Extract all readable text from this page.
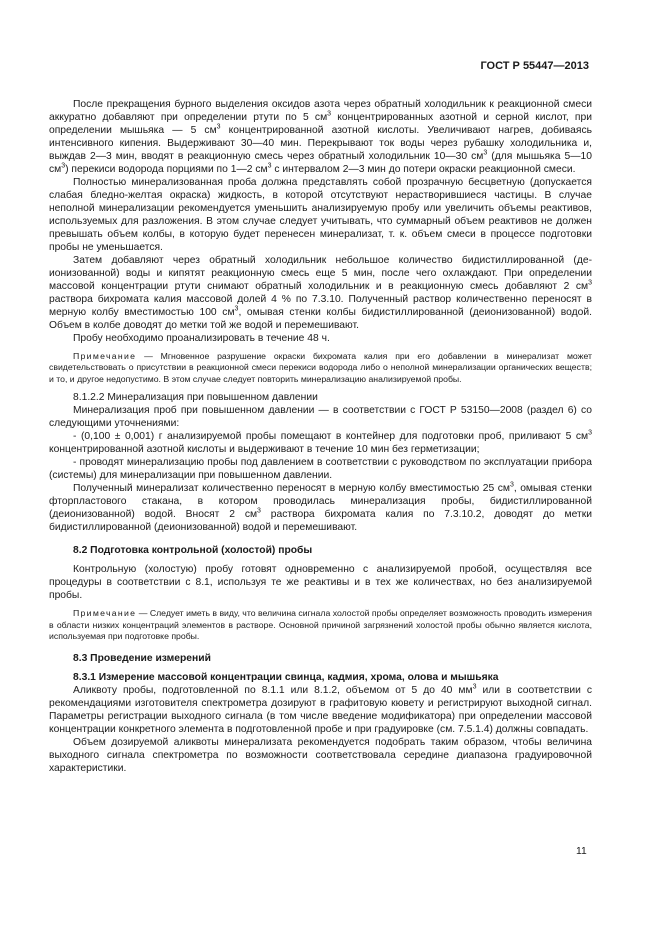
ГОСТ Р 55447—2013

После прекращения бурного выделения оксидов азота через обратный холодильник к реакционной смеси аккуратно добавляют при определении ртути по 5 $см^3$ концентрированных азотной и серной кислот, при определении мышьяка — 5 $см^3$ концентрированной азотной кислоты. Увеличивают нагрев, добиваясь интенсивного кипения. Выдерживают 30—40 мин. Перекрывают ток воды через рубашку холодильника и, выждав 2—3 мин, вводят в реакционную смесь через обратный холодильник 10—30 $см^3$ (для мышьяка 5—10 $см^3$) перекиси водорода порциями по 1—2 $см^3$ с интервалом 2—3 мин до потери окраски реакционной смеси.

Полностью минерализованная проба должна представлять собой прозрачную бесцветную (допускается слабая бледно-желтая окраска) жидкость, в которой отсутствуют нерастворившиеся частицы. В случае неполной минерализации рекомендуется уменьшить анализируемую пробу или увеличить объемы реактивов, используемых для разложения. В этом случае следует учитывать, что суммарный объем реактивов не должен превышать объем колбы, в которую будет перенесен минерализат, т. к. объем смеси в процессе подготовки пробы не уменьшается.

Затем добавляют через обратный холодильник небольшое количество бидистиллированной (деионизованной) воды и кипятят реакционную смесь еще 5 мин, после чего охлаждают. При определении массовой концентрации ртути снимают обратный холодильник и в реакционную смесь добавляют 2 $см^3$ раствора бихромата калия массовой долей 4 % по 7.3.10. Полученный раствор количественно переносят в мерную колбу вместимостью 100 $см^3$, омывая стенки колбы бидистиллированной (деионизованной) водой. Объем в колбе доводят до метки той же водой и перемешивают.

Пробу необходимо проанализировать в течение 48 ч.

Примечание — Мгновенное разрушение окраски бихромата калия при его добавлении в минерализат может свидетельствовать о присутствии в реакционной смеси перекиси водорода либо о неполной минерализации органических веществ; и то, и другое недопустимо. В этом случае следует повторить минерализацию анализируемой пробы.

8.1.2.2 Минерализация при повышенном давлении

Минерализация проб при повышенном давлении — в соответствии с ГОСТ Р 53150—2008 (раздел 6) со следующими уточнениями:

- (0,100 ± 0,001) г анализируемой пробы помещают в контейнер для подготовки проб, приливают 5 $см^3$ концентрированной азотной кислоты и выдерживают в течение 10 мин без герметизации;

- проводят минерализацию пробы под давлением в соответствии с руководством по эксплуатации прибора (системы) для минерализации при повышенном давлении.

Полученный минерализат количественно переносят в мерную колбу вместимостью 25 $см^3$, омывая стенки фторпластового стакана, в котором проводилась минерализация пробы, бидистиллированной (деионизованной) водой. Вносят 2 $см^3$ раствора бихромата калия по 7.3.10.2, доводят до метки бидистиллированной (деионизованной) водой и перемешивают.

8.2 Подготовка контрольной (холостой) пробы

Контрольную (холостую) пробу готовят одновременно с анализируемой пробой, осуществляя все процедуры в соответствии с 8.1, используя те же реактивы и в тех же количествах, но без анализируемой пробы.

Примечание — Следует иметь в виду, что величина сигнала холостой пробы определяет возможность проводить измерения в области низких концентраций элементов в растворе. Основной причиной загрязнений холостой пробы обычно является кислота, используемая при подготовке пробы.

8.3 Проведение измерений

8.3.1 Измерение массовой концентрации свинца, кадмия, хрома, олова и мышьяка

Аликвоту пробы, подготовленной по 8.1.1 или 8.1.2, объемом от 5 до 40 $мм^3$ или в соответствии с рекомендациями изготовителя спектрометра дозируют в графитовую кювету и регистрируют выходной сигнал. Параметры регистрации выходного сигнала (в том числе введение модификатора) при определении массовой концентрации конкретного элемента в подготовленной пробе и при градуировке (см. 7.5.1.4) должны совпадать.

Объем дозируемой аликвоты минерализата рекомендуется подобрать таким образом, чтобы величина выходного сигнала спектрометра по возможности соответствовала середине диапазона градуировочной характеристики.

11
